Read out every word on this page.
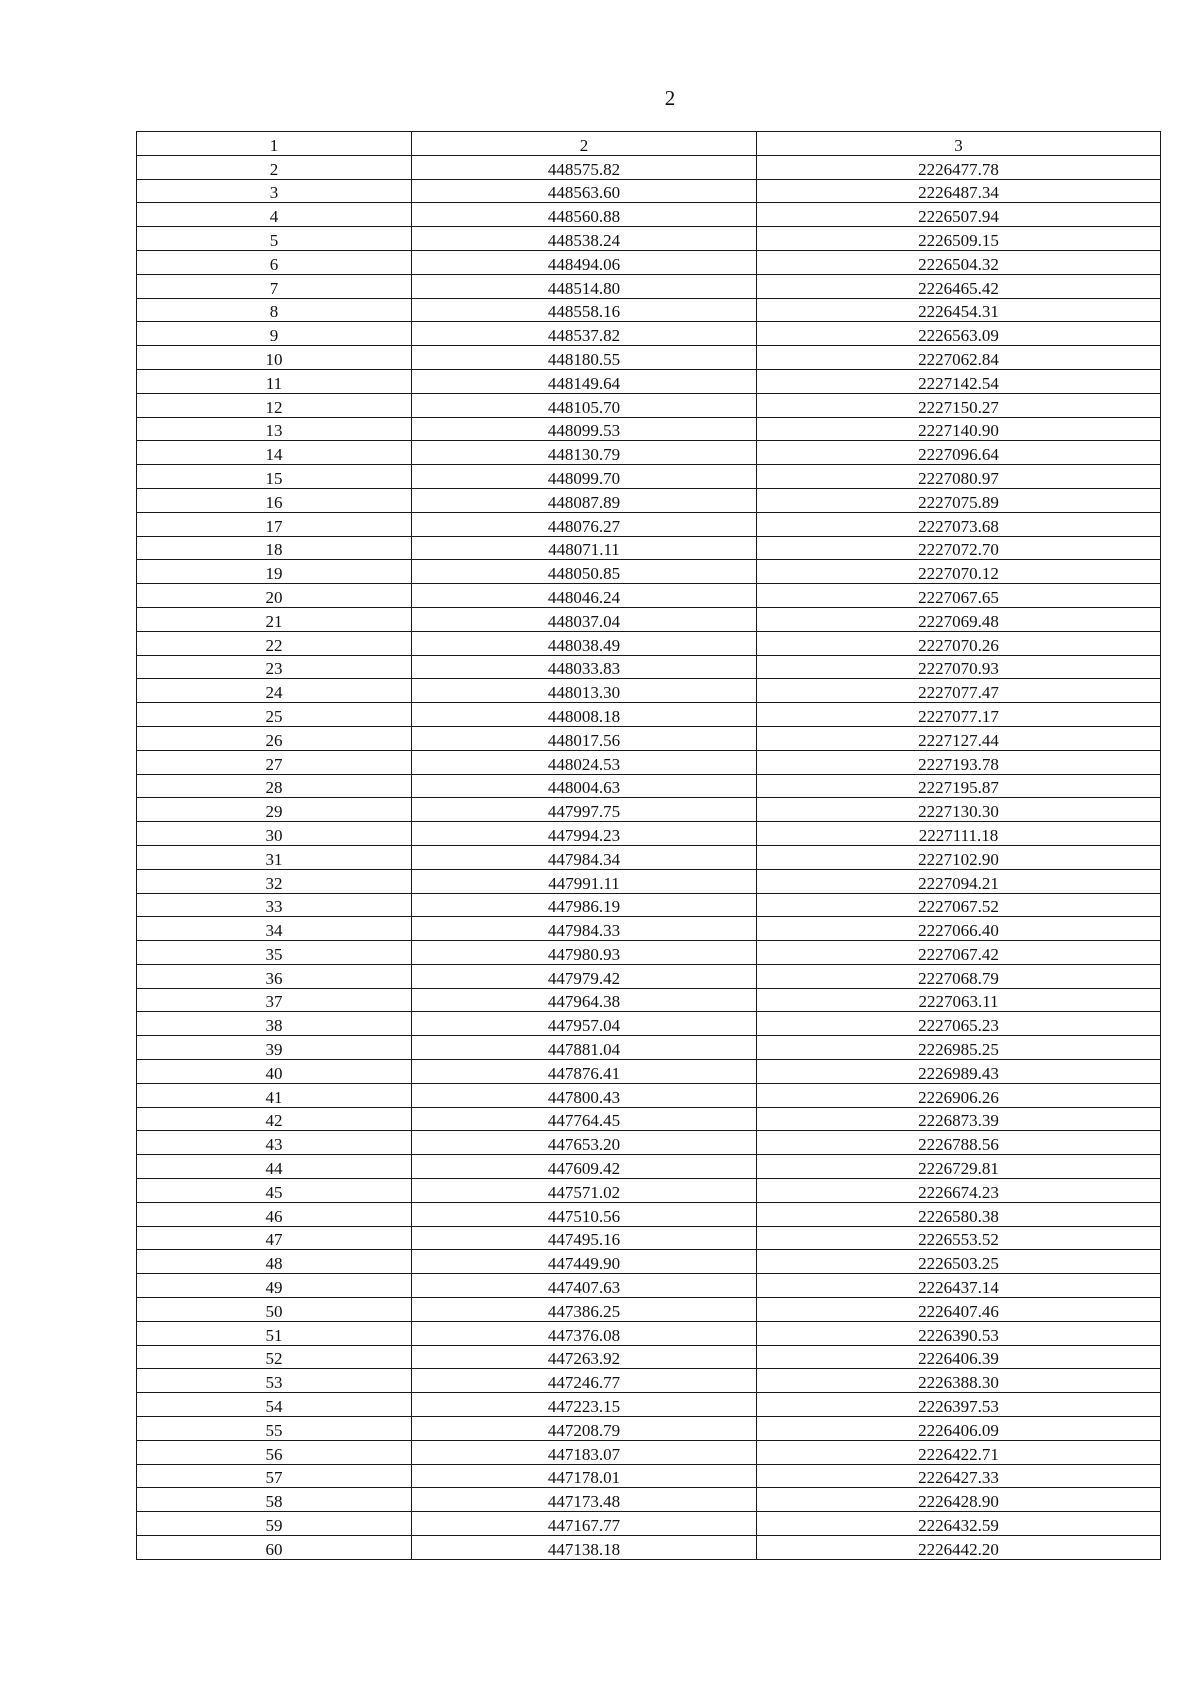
2
1	2	3
2	448575.82	2226477.78
3	448563.60	2226487.34
4	448560.88	2226507.94
5	448538.24	2226509.15
6	448494.06	2226504.32
7	448514.80	2226465.42
8	448558.16	2226454.31
9	448537.82	2226563.09
10	448180.55	2227062.84
11	448149.64	2227142.54
12	448105.70	2227150.27
13	448099.53	2227140.90
14	448130.79	2227096.64
15	448099.70	2227080.97
16	448087.89	2227075.89
17	448076.27	2227073.68
18	448071.11	2227072.70
19	448050.85	2227070.12
20	448046.24	2227067.65
21	448037.04	2227069.48
22	448038.49	2227070.26
23	448033.83	2227070.93
24	448013.30	2227077.47
25	448008.18	2227077.17
26	448017.56	2227127.44
27	448024.53	2227193.78
28	448004.63	2227195.87
29	447997.75	2227130.30
30	447994.23	2227111.18
31	447984.34	2227102.90
32	447991.11	2227094.21
33	447986.19	2227067.52
34	447984.33	2227066.40
35	447980.93	2227067.42
36	447979.42	2227068.79
37	447964.38	2227063.11
38	447957.04	2227065.23
39	447881.04	2226985.25
40	447876.41	2226989.43
41	447800.43	2226906.26
42	447764.45	2226873.39
43	447653.20	2226788.56
44	447609.42	2226729.81
45	447571.02	2226674.23
46	447510.56	2226580.38
47	447495.16	2226553.52
48	447449.90	2226503.25
49	447407.63	2226437.14
50	447386.25	2226407.46
51	447376.08	2226390.53
52	447263.92	2226406.39
53	447246.77	2226388.30
54	447223.15	2226397.53
55	447208.79	2226406.09
56	447183.07	2226422.71
57	447178.01	2226427.33
58	447173.48	2226428.90
59	447167.77	2226432.59
60	447138.18	2226442.20
